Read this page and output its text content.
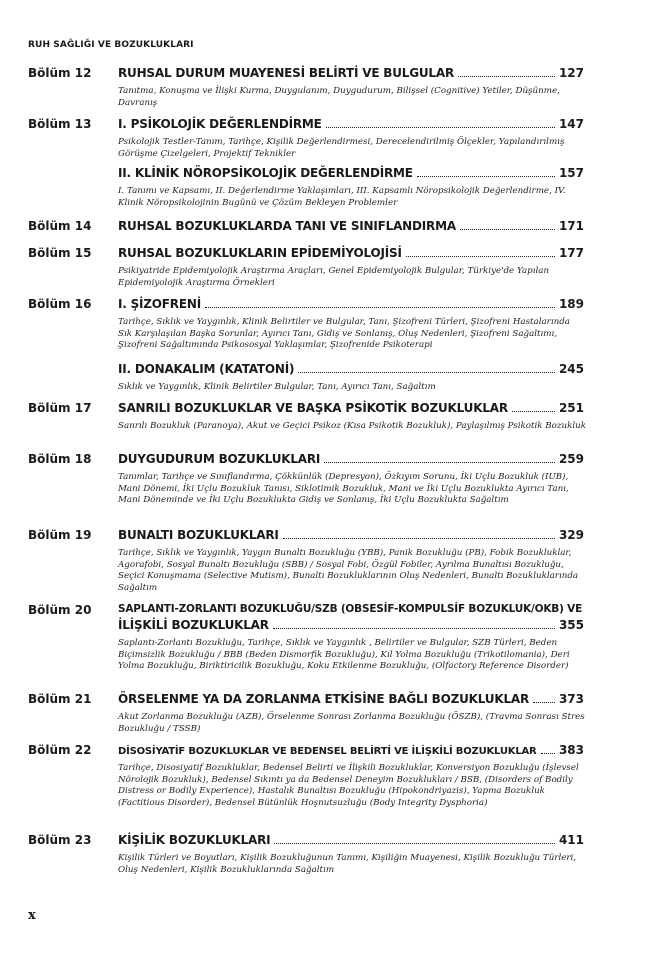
RUH SAĞLIĞI VE BOZUKLUKLARI
Bölüm 12 RUHSAL DURUM MUAYENESİ BELİRTİ VE BULGULAR	127
Tanıtma, Konuşma ve İlişki Kurma, Duygulanım, Duygudurum, Bilişsel (Cognitive) Yetiler, Düşünme, Davranış
Bölüm 13 I. PSİKOLOJİK DEĞERLENDİRME	147
Psikolojik Testler-Tanım, Tarihçe, Kişilik Değerlendirmesi, Derecelendirilmiş Ölçekler, Yapılandırılmış Görüşme Çizelgeleri, Projektif Teknikler
II. KLİNİK NÖROPSİKOLOJİK DEĞERLENDİRME	157
I. Tanımı ve Kapsamı, II. Değerlendirme Yaklaşımları, III. Kapsamlı Nöropsikolojik Değerlendirme, IV. Klinik Nöropsikolojinin Bugünü ve Çözüm Bekleyen Problemler
Bölüm 14 RUHSAL BOZUKLUKLARDA TANI VE SINIFLANDIRMA	171
Bölüm 15 RUHSAL BOZUKLUKLARIN EPİDEMİYOLOJİSİ	177
Psikiyatride Epidemiyolojik Araştırma Araçları, Genel Epidemiyolojik Bulgular, Türkiye'de Yapılan Epidemiyolojik Araştırma Örnekleri
Bölüm 16 I. ŞİZOFRENİ	189
Tarihçe, Sıklık ve Yaygınlık, Klinik Belirtiler ve Bulgular, Tanı, Şizofreni Türleri, Şizofreni Hastalarında Sık Karşılaşılan Başka Sorunlar, Ayırıcı Tanı, Gidiş ve Sonlanış, Oluş Nedenleri, Şizofreni Sağaltımı, Şizofreni Sağaltımında Psikososyal Yaklaşımlar, Şizofrenide Psikoterapi
II. DONAKALIM (KATATONİ)	245
Sıklık ve Yaygınlık, Klinik Belirtiler Bulgular, Tanı, Ayırıcı Tanı, Sağaltım
Bölüm 17 SANRILI BOZUKLUKLAR VE BAŞKA PSİKOTİK BOZUKLUKLAR	251
Sanrılı Bozukluk (Paranoya), Akut ve Geçici Psikoz (Kısa Psikotik Bozukluk), Paylaşılmış Psikotik Bozukluk
Bölüm 18 DUYGUDURUM BOZUKLUKLARI	259
Tanımlar, Tarihçe ve Sınıflandırma, Çökkünlük (Depresyon), Özkıyım Sorunu, İki Uçlu Bozukluk (IUB), Mani Dönemi, İki Uçlu Bozukluk Tanısı, Siklotimik Bozukluk, Mani ve İki Uçlu Bozuklukta Ayırıcı Tanı, Mani Döneminde ve İki Uçlu Bozuklukta Gidiş ve Sonlanış, İki Uçlu Bozuklukta Sağaltım
Bölüm 19 BUNALTI BOZUKLUKLARI	329
Tarihçe, Sıklık ve Yaygınlık, Yaygın Bunaltı Bozukluğu (YBB), Panik Bozukluğu (PB), Fobik Bozukluklar, Agorafobi, Sosyal Bunaltı Bozukluğu (SBB) / Sosyal Fobi, Özgül Fobiler, Ayrılma Bunaltısı Bozukluğu, Seçici Konuşmama (Selective Mutism), Bunaltı Bozukluklarının Oluş Nedenleri, Bunaltı Bozukluklarında Sağaltım
Bölüm 20	SAPLANTI-ZORLANTI BOZUKLUĞU/SZB (OBSESİF-KOMPULSİF BOZUKLUK/OKB) VE
İLİŞKİLİ BOZUKLUKLAR	355
Saplantı-Zorlantı Bozukluğu, Tarihçe, Sıklık ve Yaygınlık , Belirtiler ve Bulgular, SZB Türleri, Beden Biçimsizlik Bozukluğu / BBB (Beden Dismorfik Bozukluğu), Kıl Yolma Bozukluğu (Trikotilomania), Deri Yolma Bozukluğu, Biriktiricilik Bozukluğu, Koku Etkilenme Bozukluğu, (Olfactory Reference Disorder)
Bölüm 21 ÖRSELENME YA DA ZORLANMA ETKİSİNE BAĞLI BOZUKLUKLAR 373
Akut Zorlanma Bozukluğu (AZB), Örselenme Sonrası Zorlanma Bozukluğu (ÖSZB), (Travma Sonrası Stres Bozukluğu / TSSB)
Bölüm 22	DİSOSİYATİF BOZUKLUKLAR VE BEDENSEL BELİRTİ VE İLİŞKİLİ BOZUKLUKLAR 383
Tarihçe, Disosiyatif Bozukluklar, Bedensel Belirti ve İlişkili Bozukluklar, Konversiyon Bozukluğu (İşlevsel Nörolojik Bozukluk), Bedensel Sıkıntı ya da Bedensel Deneyim Bozuklukları / BSB, (Disorders of Bodily Distress or Bodily Experience), Hastalık Bunaltısı Bozukluğu (Hipokondriyazis), Yapma Bozukluk (Factitious Disorder), Bedensel Bütünlük Hoşnutsuzluğu (Body Integrity Dysphoria)
Bölüm 23 KİŞİLİK BOZUKLUKLARI	411
Kişilik Türleri ve Boyutları, Kişilik Bozukluğunun Tanımı, Kişiliğin Muayenesi, Kişilik Bozukluğu Türleri, Oluş Nedenleri, Kişilik Bozukluklarında Sağaltım
x
